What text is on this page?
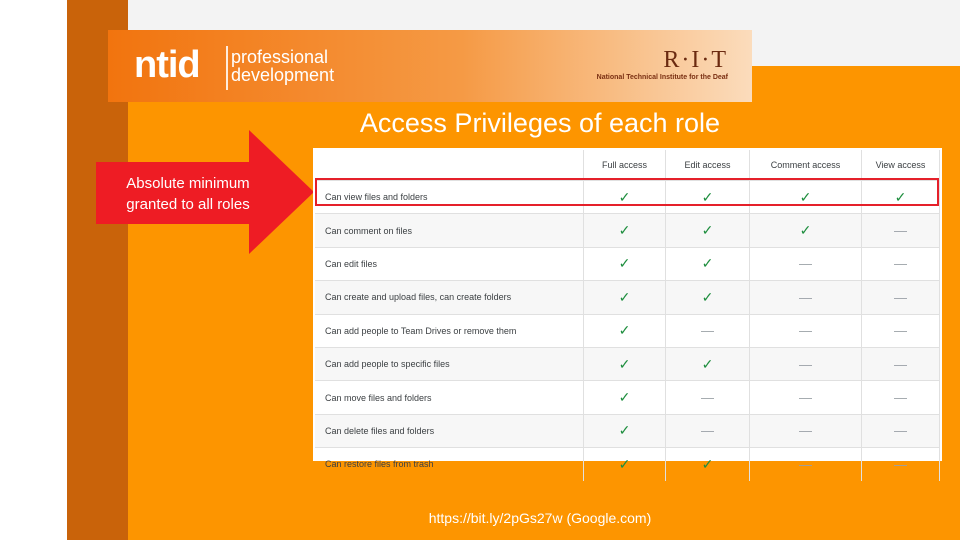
ntid professional
development
R·I·T
National Technical Institute for the Deaf
Access Privileges of each role
Absolute minimum
granted to all roles
	Full access	Edit access	Comment access	View access
Can view files and folders	✓	✓	✓	✓
Can comment on files	✓	✓	✓	—
Can edit files	✓	✓	—	—
Can create and upload files, can create folders	✓	✓	—	—
Can add people to Team Drives or remove them	✓	—	—	—
Can add people to specific files	✓	✓	—	—
Can move files and folders	✓	—	—	—
Can delete files and folders	✓	—	—	—
Can restore files from trash	✓	✓	—	—
https://bit.ly/2pGs27w (Google.com)
